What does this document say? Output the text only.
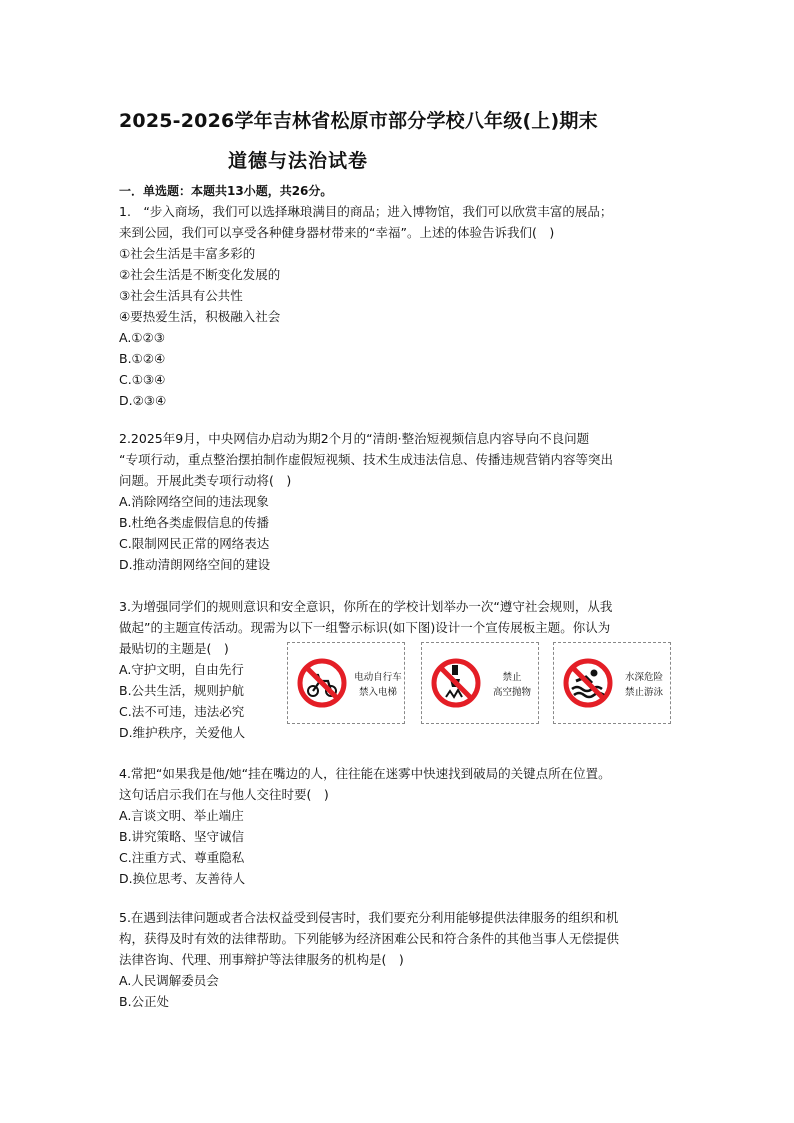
2025-2026学年吉林省松原市部分学校八年级(上)期末
道德与法治试卷
一．单选题：本题共13小题，共26分。
1.　“步入商场，我们可以选择琳琅满目的商品；进入博物馆，我们可以欣赏丰富的展品；
来到公园，我们可以享受各种健身器材带来的“幸福”。上述的体验告诉我们(　)
①社会生活是丰富多彩的
②社会生活是不断变化发展的
③社会生活具有公共性
④要热爱生活，积极融入社会
A.①②③
B.①②④
C.①③④
D.②③④
2.2025年9月，中央网信办启动为期2个月的“清朗·整治短视频信息内容导向不良问题
“专项行动，重点整治摆拍制作虚假短视频、技术生成违法信息、传播违规营销内容等突出
问题。开展此类专项行动将(　)
A.消除网络空间的违法现象
B.杜绝各类虚假信息的传播
C.限制网民正常的网络表达
D.推动清朗网络空间的建设
3.为增强同学们的规则意识和安全意识，你所在的学校计划举办一次“遵守社会规则，从我
做起”的主题宣传活动。现需为以下一组警示标识(如下图)设计一个宣传展板主题。你认为
最贴切的主题是(　)
A.守护文明，自由先行
B.公共生活，规则护航
C.法不可违，违法必究
D.维护秩序，关爱他人
电动自行车
禁入电梯
禁止
高空抛物
水深危险
禁止游泳
4.常把“如果我是他/她“挂在嘴边的人，往往能在迷雾中快速找到破局的关键点所在位置。
这句话启示我们在与他人交往时要(　)
A.言谈文明、举止端庄
B.讲究策略、坚守诚信
C.注重方式、尊重隐私
D.换位思考、友善待人
5.在遇到法律问题或者合法权益受到侵害时，我们要充分利用能够提供法律服务的组织和机
构，获得及时有效的法律帮助。下列能够为经济困难公民和符合条件的其他当事人无偿提供
法律咨询、代理、刑事辩护等法律服务的机构是(　)
A.人民调解委员会
B.公正处
